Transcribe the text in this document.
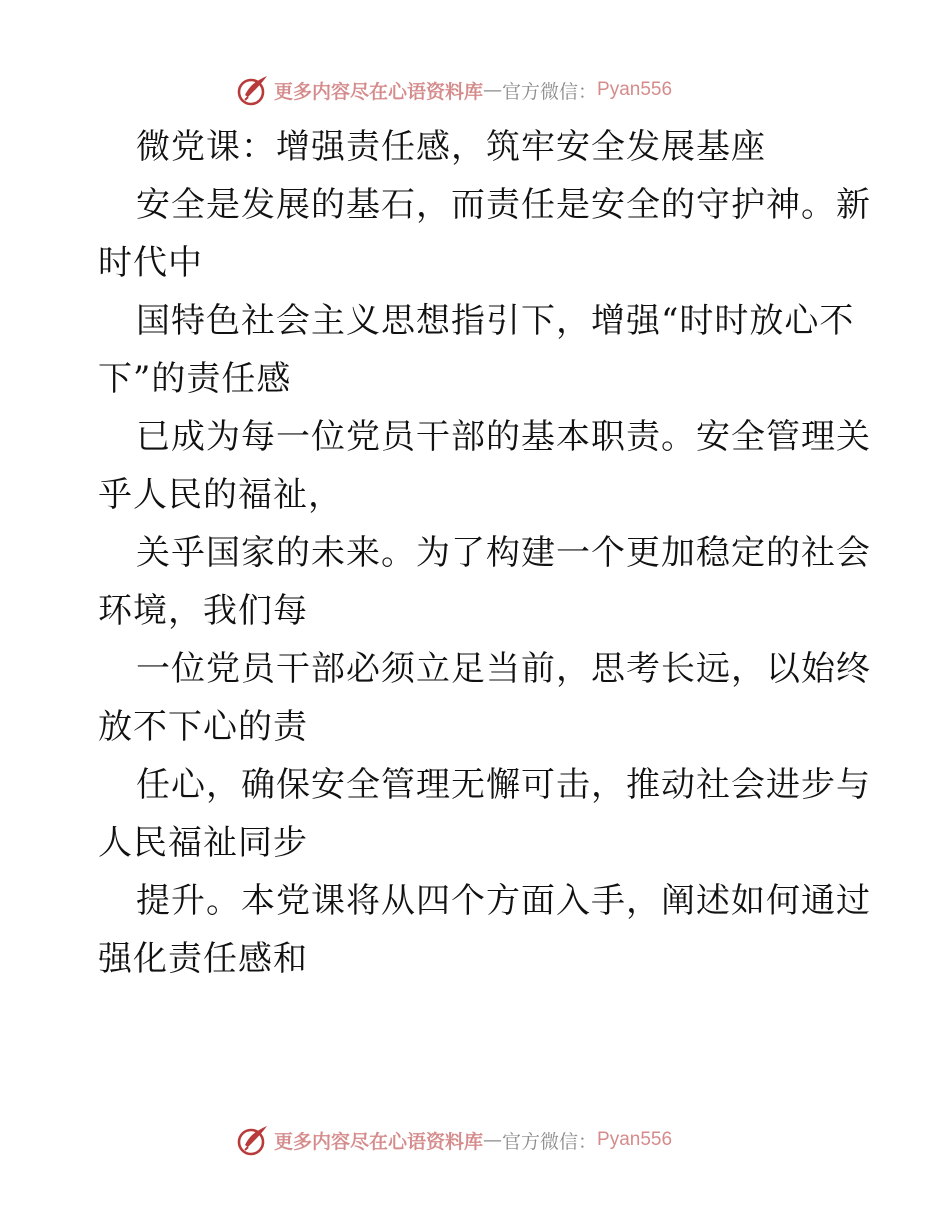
更多内容尽在心语资料库 — 官方微信： Pyan556
微党课：增强责任感，筑牢安全发展基座
安全是发展的基石，而责任是安全的守护神。新
时代中
国特色社会主义思想指引下，增强“时时放心不
下”的责任感
已成为每一位党员干部的基本职责。安全管理关
乎人民的福祉，
关乎国家的未来。为了构建一个更加稳定的社会
环境，我们每
一位党员干部必须立足当前，思考长远，以始终
放不下心的责
任心，确保安全管理无懈可击，推动社会进步与
人民福祉同步
提升。本党课将从四个方面入手，阐述如何通过
强化责任感和
更多内容尽在心语资料库 — 官方微信： Pyan556
